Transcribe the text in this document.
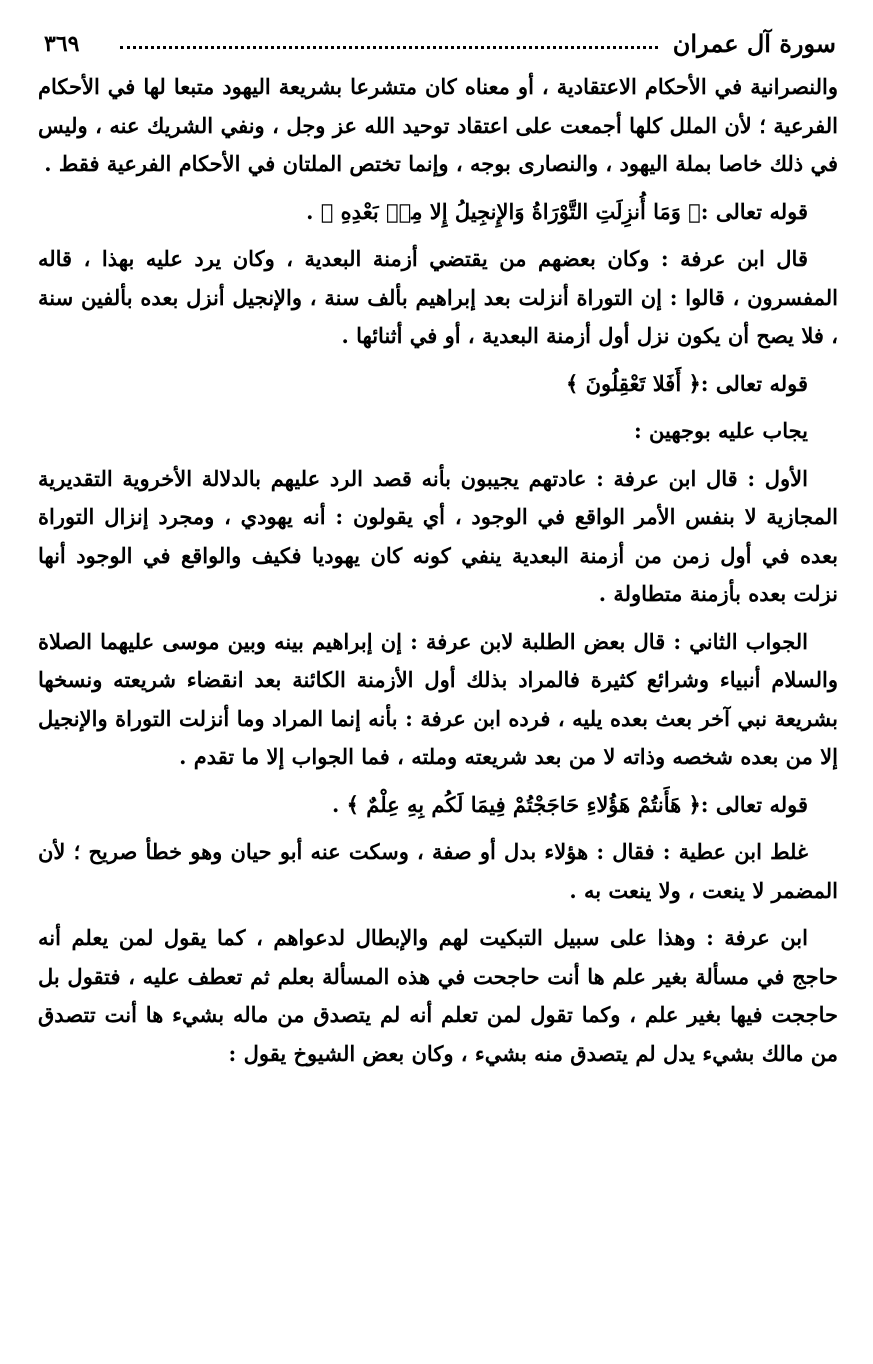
سورة آل عمران
٣٦٩

والنصرانية في الأحكام الاعتقادية ، أو معناه كان متشرعا بشريعة اليهود متبعا لها في الأحكام الفرعية ؛ لأن الملل كلها أجمعت على اعتقاد توحيد الله عز وجل ، ونفي الشريك عنه ، وليس في ذلك خاصا بملة اليهود ، والنصارى بوجه ، وإنما تختص الملتان في الأحكام الفرعية فقط .

قوله تعالى :﴿ وَمَا أُنزِلَتِ التَّوْرَاةُ وَالإِنجِيلُ إِلا مِنۢ بَعْدِهِ ﴾ .

قال ابن عرفة : وكان بعضهم من يقتضي أزمنة البعدية ، وكان يرد عليه بهذا ، قاله المفسرون ، قالوا : إن التوراة أنزلت بعد إبراهيم بألف سنة ، والإنجيل أنزل بعده بألفين سنة ، فلا يصح أن يكون نزل أول أزمنة البعدية ، أو في أثنائها .

قوله تعالى :﴿ أَفَلا تَعْقِلُونَ ﴾

يجاب عليه بوجهين :

الأول : قال ابن عرفة : عادتهم يجيبون بأنه قصد الرد عليهم بالدلالة الأخروية التقديرية المجازية لا بنفس الأمر الواقع في الوجود ، أي يقولون : أنه يهودي ، ومجرد إنزال التوراة بعده في أول زمن من أزمنة البعدية ينفي كونه كان يهوديا فكيف والواقع في الوجود أنها نزلت بعده بأزمنة متطاولة .

الجواب الثاني : قال بعض الطلبة لابن عرفة : إن إبراهيم بينه وبين موسى عليهما الصلاة والسلام أنبياء وشرائع كثيرة فالمراد بذلك أول الأزمنة الكائنة بعد انقضاء شريعته ونسخها بشريعة نبي آخر بعث بعده يليه ، فرده ابن عرفة : بأنه إنما المراد وما أنزلت التوراة والإنجيل إلا من بعده شخصه وذاته لا من بعد شريعته وملته ، فما الجواب إلا ما تقدم .

قوله تعالى :﴿ هَأَنتُمْ هَؤُلاءِ حَاجَجْتُمْ فِيمَا لَكُم بِهِ عِلْمٌ ﴾ .

غلط ابن عطية : فقال : هؤلاء بدل أو صفة ، وسكت عنه أبو حيان وهو خطأ صريح ؛ لأن المضمر لا ينعت ، ولا ينعت به .

ابن عرفة : وهذا على سبيل التبكيت لهم والإبطال لدعواهم ، كما يقول لمن يعلم أنه حاجج في مسألة بغير علم ها أنت حاجحت في هذه المسألة بعلم ثم تعطف عليه ، فتقول بل حاججت فيها بغير علم ، وكما تقول لمن تعلم أنه لم يتصدق من ماله بشيء ها أنت تتصدق من مالك بشيء يدل لم يتصدق منه بشيء ، وكان بعض الشيوخ يقول :
